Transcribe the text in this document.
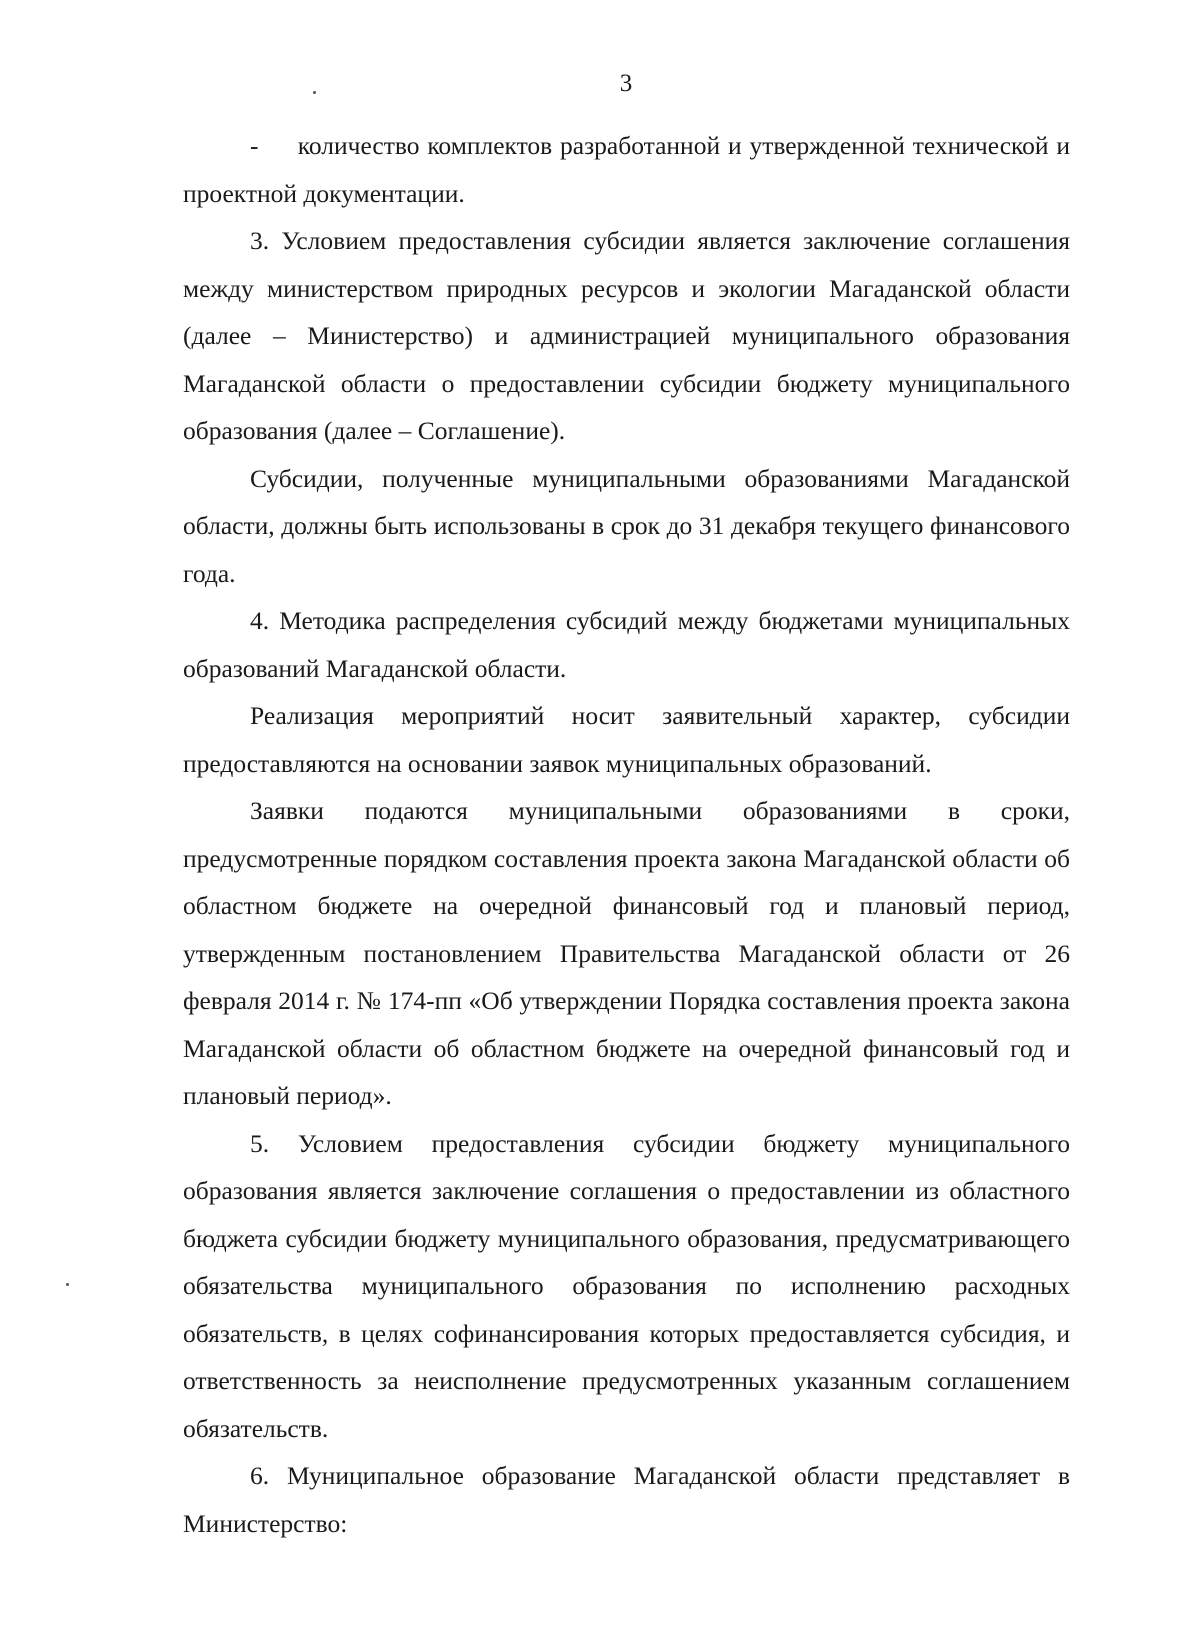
3

-     количество комплектов разработанной и утвержденной технической и проектной документации.

3. Условием предоставления субсидии является заключение соглашения между министерством природных ресурсов и экологии Магаданской области (далее – Министерство) и администрацией муниципального образования Магаданской области о предоставлении субсидии бюджету муниципального образования (далее – Соглашение).

Субсидии, полученные муниципальными образованиями Магаданской области, должны быть использованы в срок до 31 декабря текущего финансового года.

4. Методика распределения субсидий между бюджетами муниципальных образований Магаданской области.

Реализация мероприятий носит заявительный характер, субсидии предоставляются на основании заявок муниципальных образований.

Заявки подаются муниципальными образованиями в сроки, предусмотренные порядком составления проекта закона Магаданской области об областном бюджете на очередной финансовый год и плановый период, утвержденным постановлением Правительства Магаданской области от 26 февраля 2014 г. № 174-пп «Об утверждении Порядка составления проекта закона Магаданской области об областном бюджете на очередной финансовый год и плановый период».

5. Условием предоставления субсидии бюджету муниципального образования является заключение соглашения о предоставлении из областного бюджета субсидии бюджету муниципального образования, предусматривающего обязательства муниципального образования по исполнению расходных обязательств, в целях софинансирования которых предоставляется субсидия, и ответственность за неисполнение предусмотренных указанным соглашением обязательств.

6. Муниципальное образование Магаданской области представляет в Министерство:
